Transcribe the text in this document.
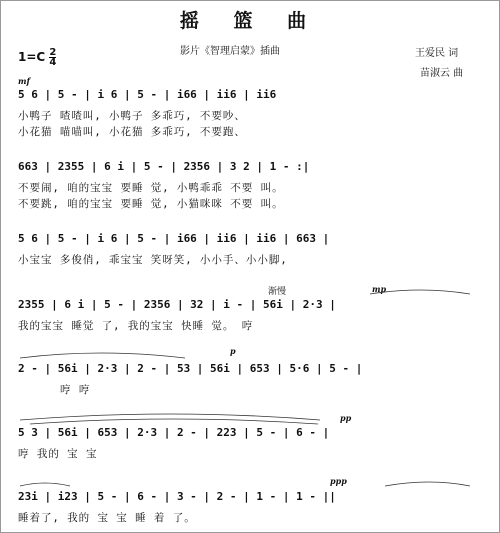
摇 篮 曲
影片《智理启蒙》插曲	王爱民 词
苗淑云 曲
$1=C \frac{2}{4}$
mf
5 6 | 5 - | i 6 | 5 - | i66 | ii6 | ii6
小鸭子 喳喳叫, 小鸭子 多乖巧, 不要吵、
小花猫 喵喵叫, 小花猫 多乖巧, 不要跑、
663 | 2355 | 6 i | 5 - | 2356 | 3 2 | 1 - :|
不要闹, 咱的宝宝 要睡 觉, 小鸭乖乖 不要 叫。
不要跳, 咱的宝宝 要睡 觉, 小猫咪咪 不要 叫。
5 6 | 5 - | i 6 | 5 - | i66 | ii6 | ii6 | 663 |
小宝宝 多俊俏, 乖宝宝 笑呀笑, 小小手、小小脚,
渐慢	mp
2355 | 6 i | 5 - | 2356 | 32 | i - | 56i | 2·3 |
我的宝宝 睡觉 了, 我的宝宝 快睡 觉。 哼
p
2 - | 56i | 2·3 | 2 - | 53 | 56i | 653 | 5·6 | 5 - |
哼 哼
pp
5 3 | 56i | 653 | 2·3 | 2 - | 223 | 5 - | 6 - |
哼 我的 宝 宝
ppp
23i | i23 | 5 - | 6 - | 3 - | 2 - | 1 - | 1 - ||
睡着了, 我的 宝 宝 睡 着 了。
